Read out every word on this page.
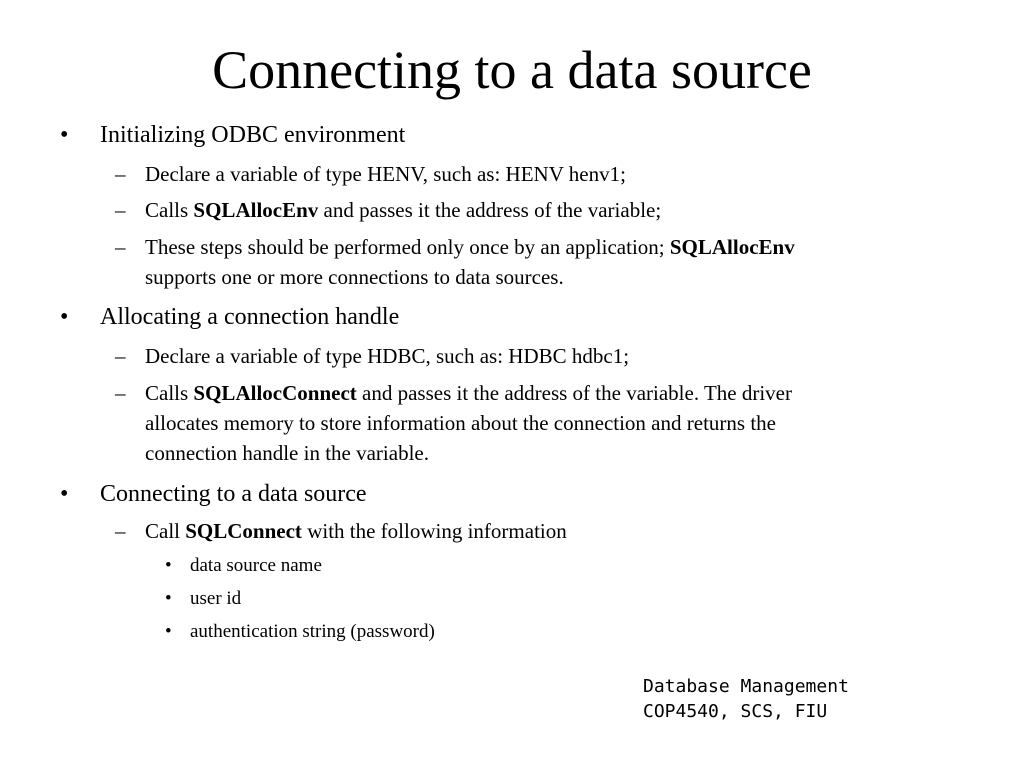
Connecting to a data source
• Initializing ODBC environment
– Declare a variable of type HENV, such as: HENV henv1;
– Calls SQLAllocEnv and passes it the address of the variable;
– These steps should be performed only once by an application; SQLAllocEnv
supports one or more connections to data sources.
• Allocating a connection handle
– Declare a variable of type HDBC, such as: HDBC hdbc1;
– Calls SQLAllocConnect and passes it the address of the variable. The driver
allocates memory to store information about the connection and returns the
connection handle in the variable.
• Connecting to a data source
– Call SQLConnect with the following information
• data source name
• user id
• authentication string (password)
Database Management
COP4540, SCS, FIU
